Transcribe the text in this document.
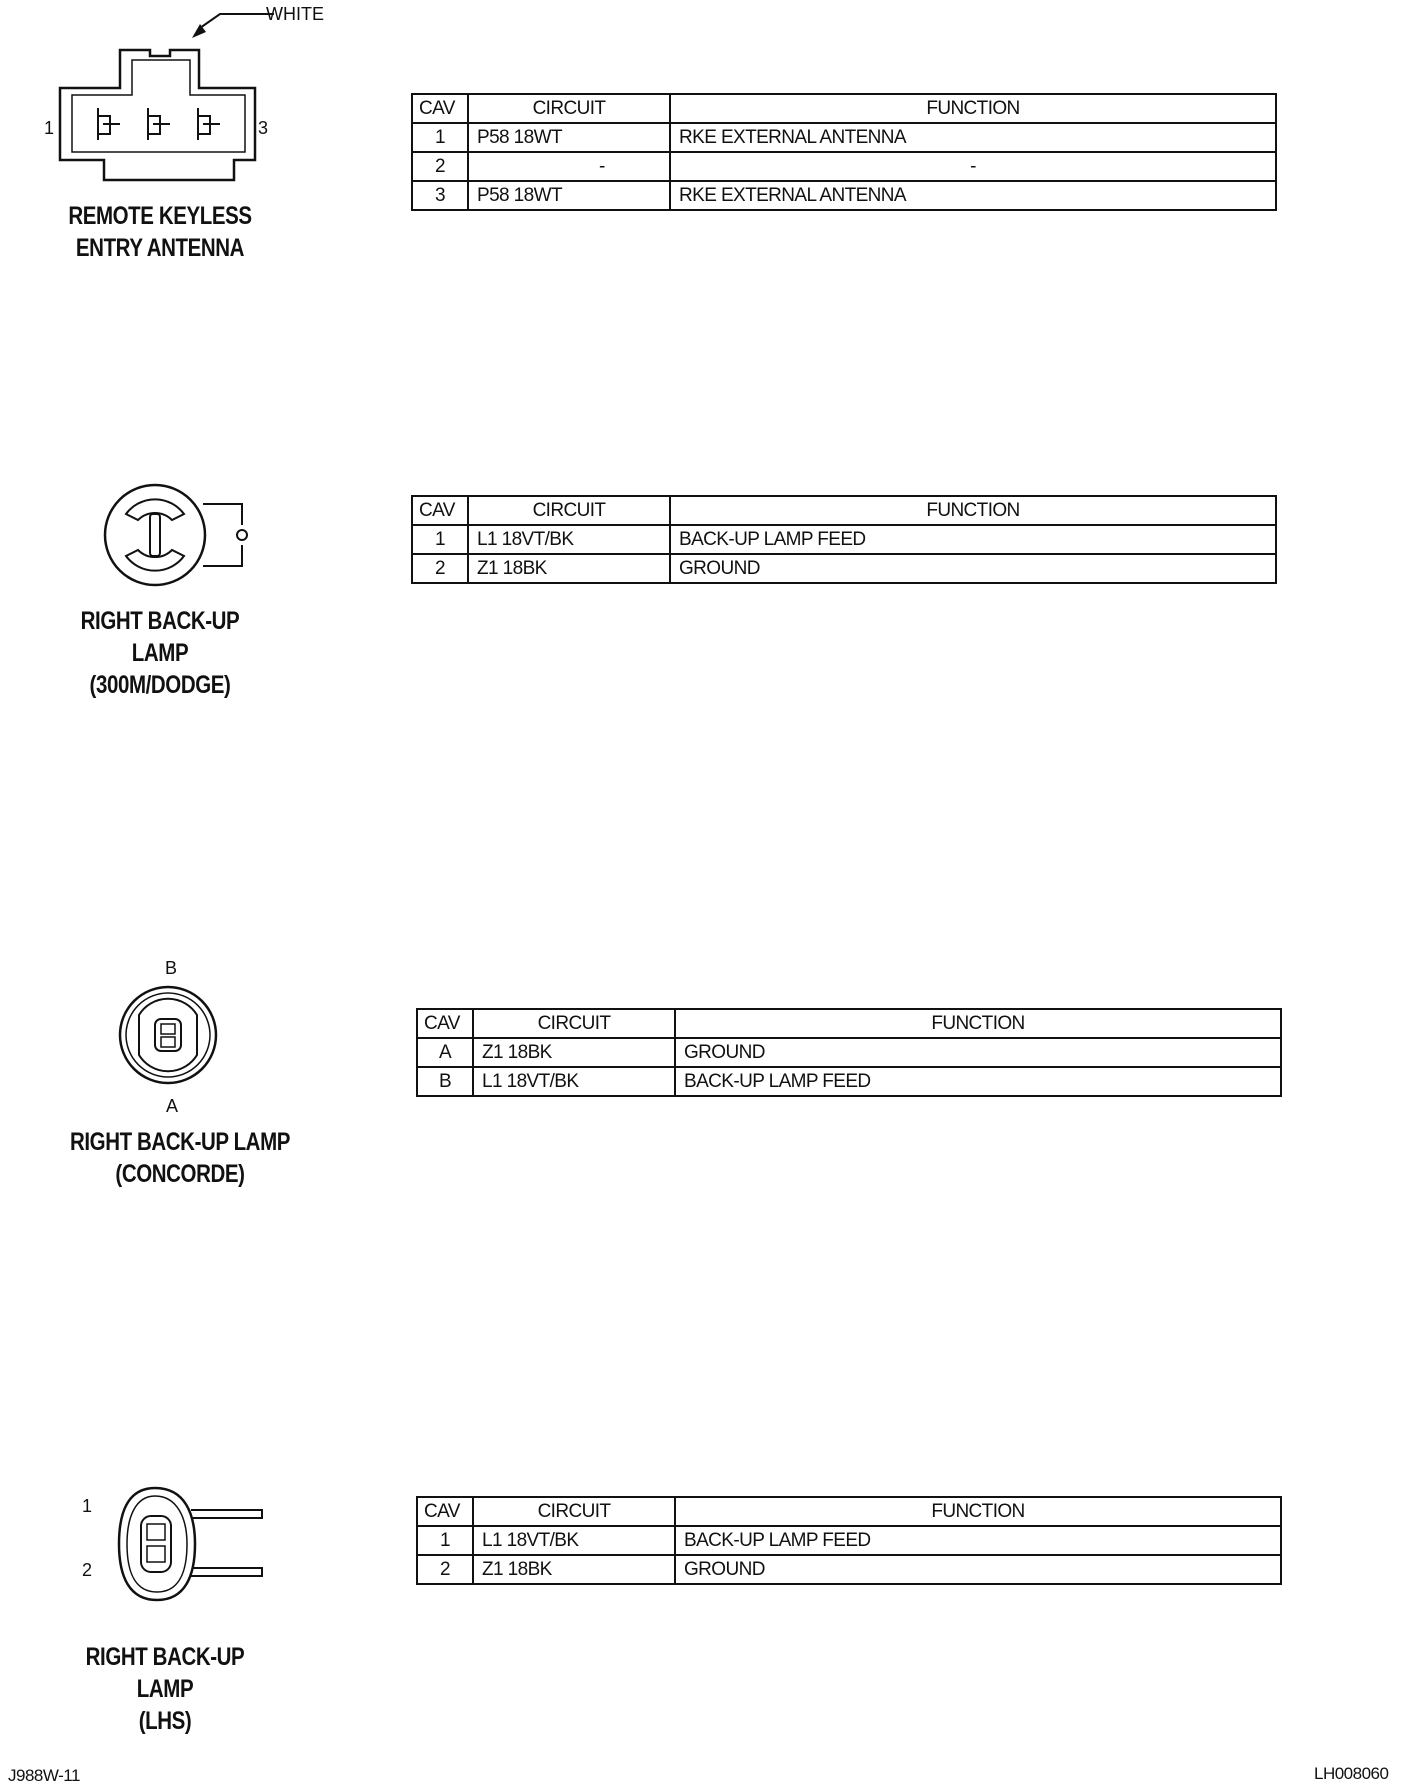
WHITE
1	3
REMOTE KEYLESS
ENTRY ANTENNA
CAV	CIRCUIT	FUNCTION
1	P58 18WT	RKE EXTERNAL ANTENNA
2	-	-
3	P58 18WT	RKE EXTERNAL ANTENNA
RIGHT BACK-UP
LAMP
(300M/DODGE)
CAV	CIRCUIT	FUNCTION
1	L1 18VT/BK	BACK-UP LAMP FEED
2	Z1 18BK	GROUND
B
A
RIGHT BACK-UP LAMP
(CONCORDE)
CAV	CIRCUIT	FUNCTION
A	Z1 18BK	GROUND
B	L1 18VT/BK	BACK-UP LAMP FEED
1
2
RIGHT BACK-UP
LAMP
(LHS)
CAV	CIRCUIT	FUNCTION
1	L1 18VT/BK	BACK-UP LAMP FEED
2	Z1 18BK	GROUND
J988W-11	LH008060
